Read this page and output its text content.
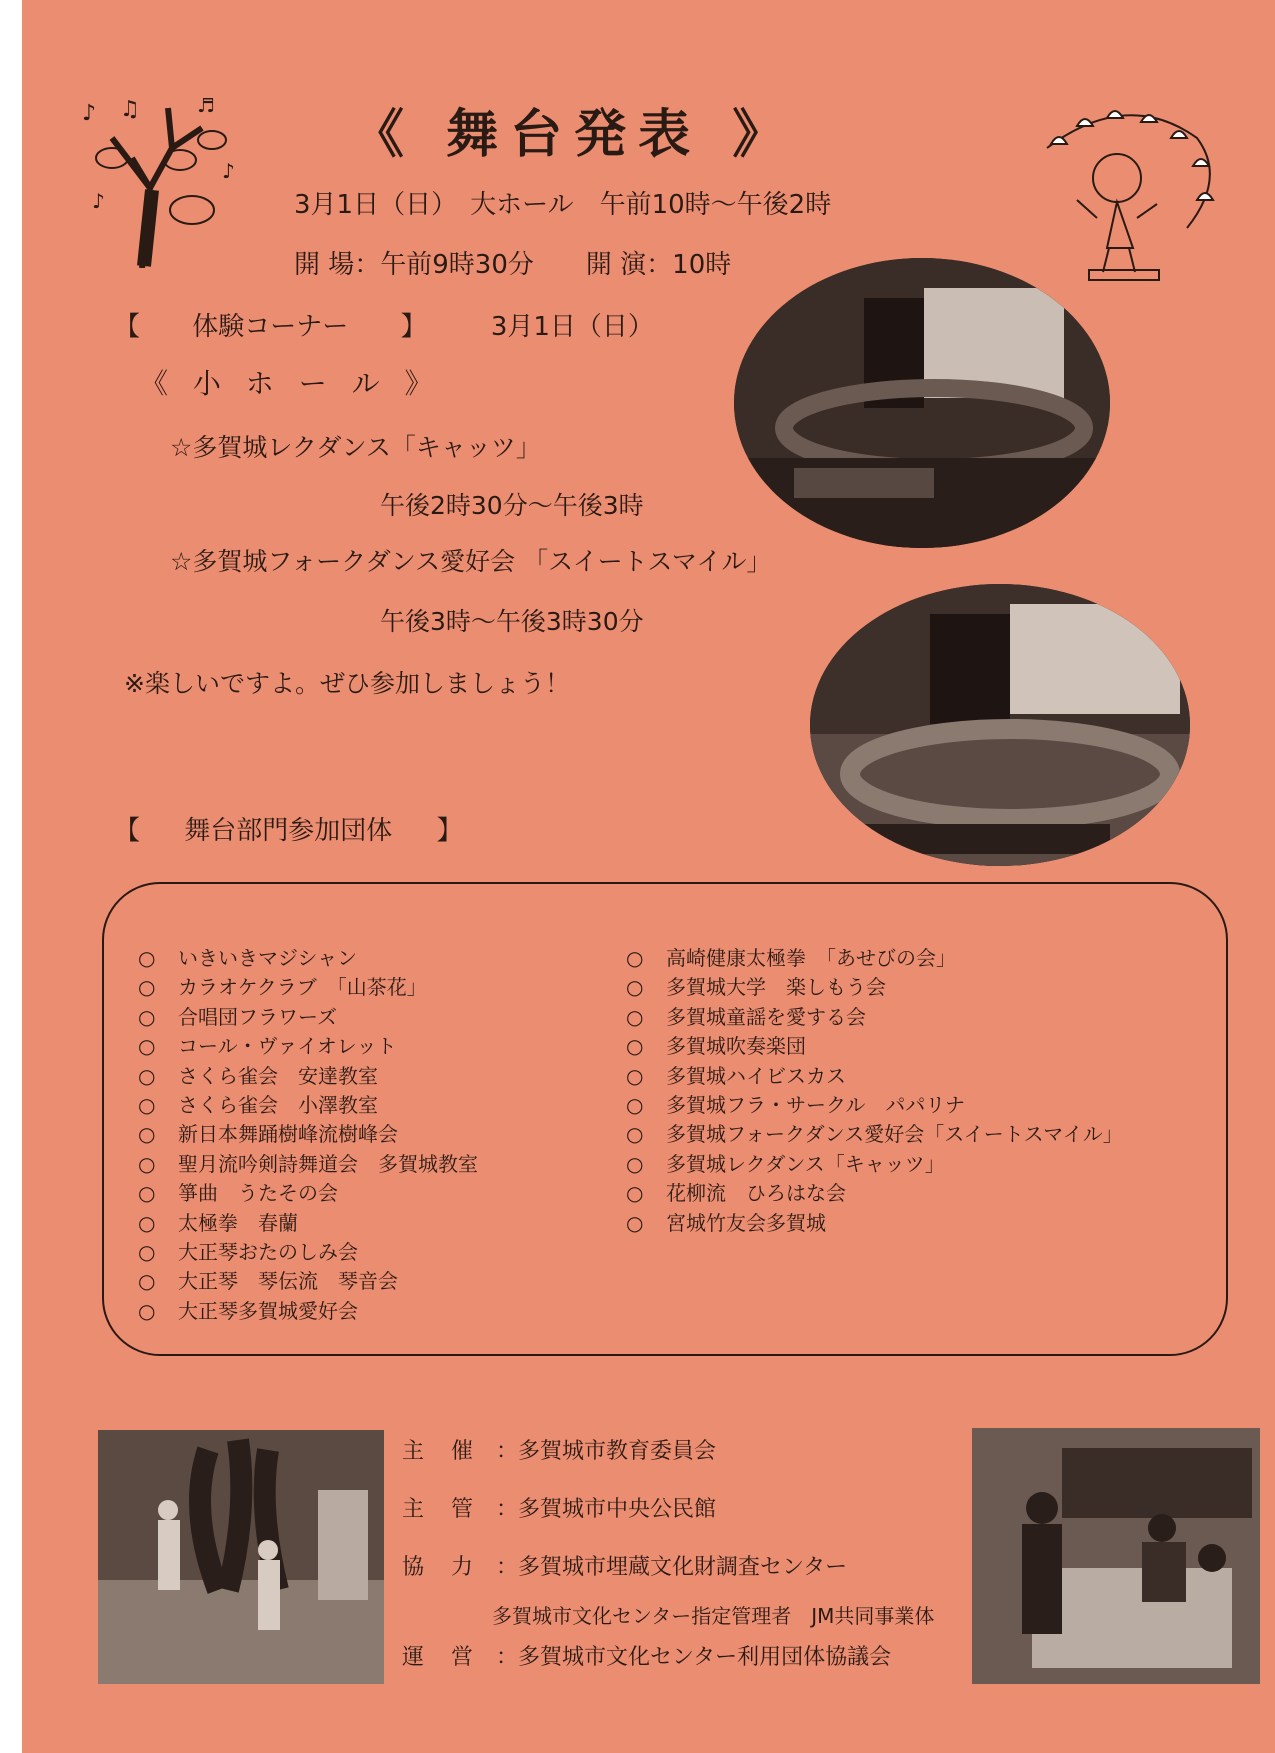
♪ ♫
♪
♪
♬	《 舞台発表 》
3月1日（日）　大ホール　午前10時～午後2時
開 場：午前9時30分　　開 演：10時
【 体験コーナー 】 3月1日（日）
《 小 ホ ー ル 》
☆多賀城レクダンス「キャッツ」
午後2時30分～午後3時
☆多賀城フォークダンス愛好会 「スイートスマイル」
午後3時～午後3時30分
※楽しいですよ。ぜひ参加しましょう！
【 舞台部門参加団体 】
○ いきいきマジシャン
○ カラオケクラブ　「山茶花」
○ 合唱団フラワーズ
○ コール・ヴァイオレット
○ さくら雀会　安達教室
○ さくら雀会　小澤教室
○ 新日本舞踊樹峰流樹峰会
○ 聖月流吟剣詩舞道会　多賀城教室
○ 箏曲　うたその会
○ 太極拳　春蘭
○ 大正琴おたのしみ会
○ 大正琴　琴伝流　琴音会
○ 大正琴多賀城愛好会
○ 高崎健康太極拳　「あせびの会」
○ 多賀城大学　楽しもう会
○ 多賀城童謡を愛する会
○ 多賀城吹奏楽団
○ 多賀城ハイビスカス
○ 多賀城フラ・サークル　パパリナ
○ 多賀城フォークダンス愛好会「スイートスマイル」
○ 多賀城レクダンス「キャッツ」
○ 花柳流　ひろはな会
○ 宮城竹友会多賀城
主 催 ：多賀城市教育委員会
主 管 ：多賀城市中央公民館
協 力 ：多賀城市埋蔵文化財調査センター
多賀城市文化センター指定管理者　JM共同事業体
運 営 ：多賀城市文化センター利用団体協議会
